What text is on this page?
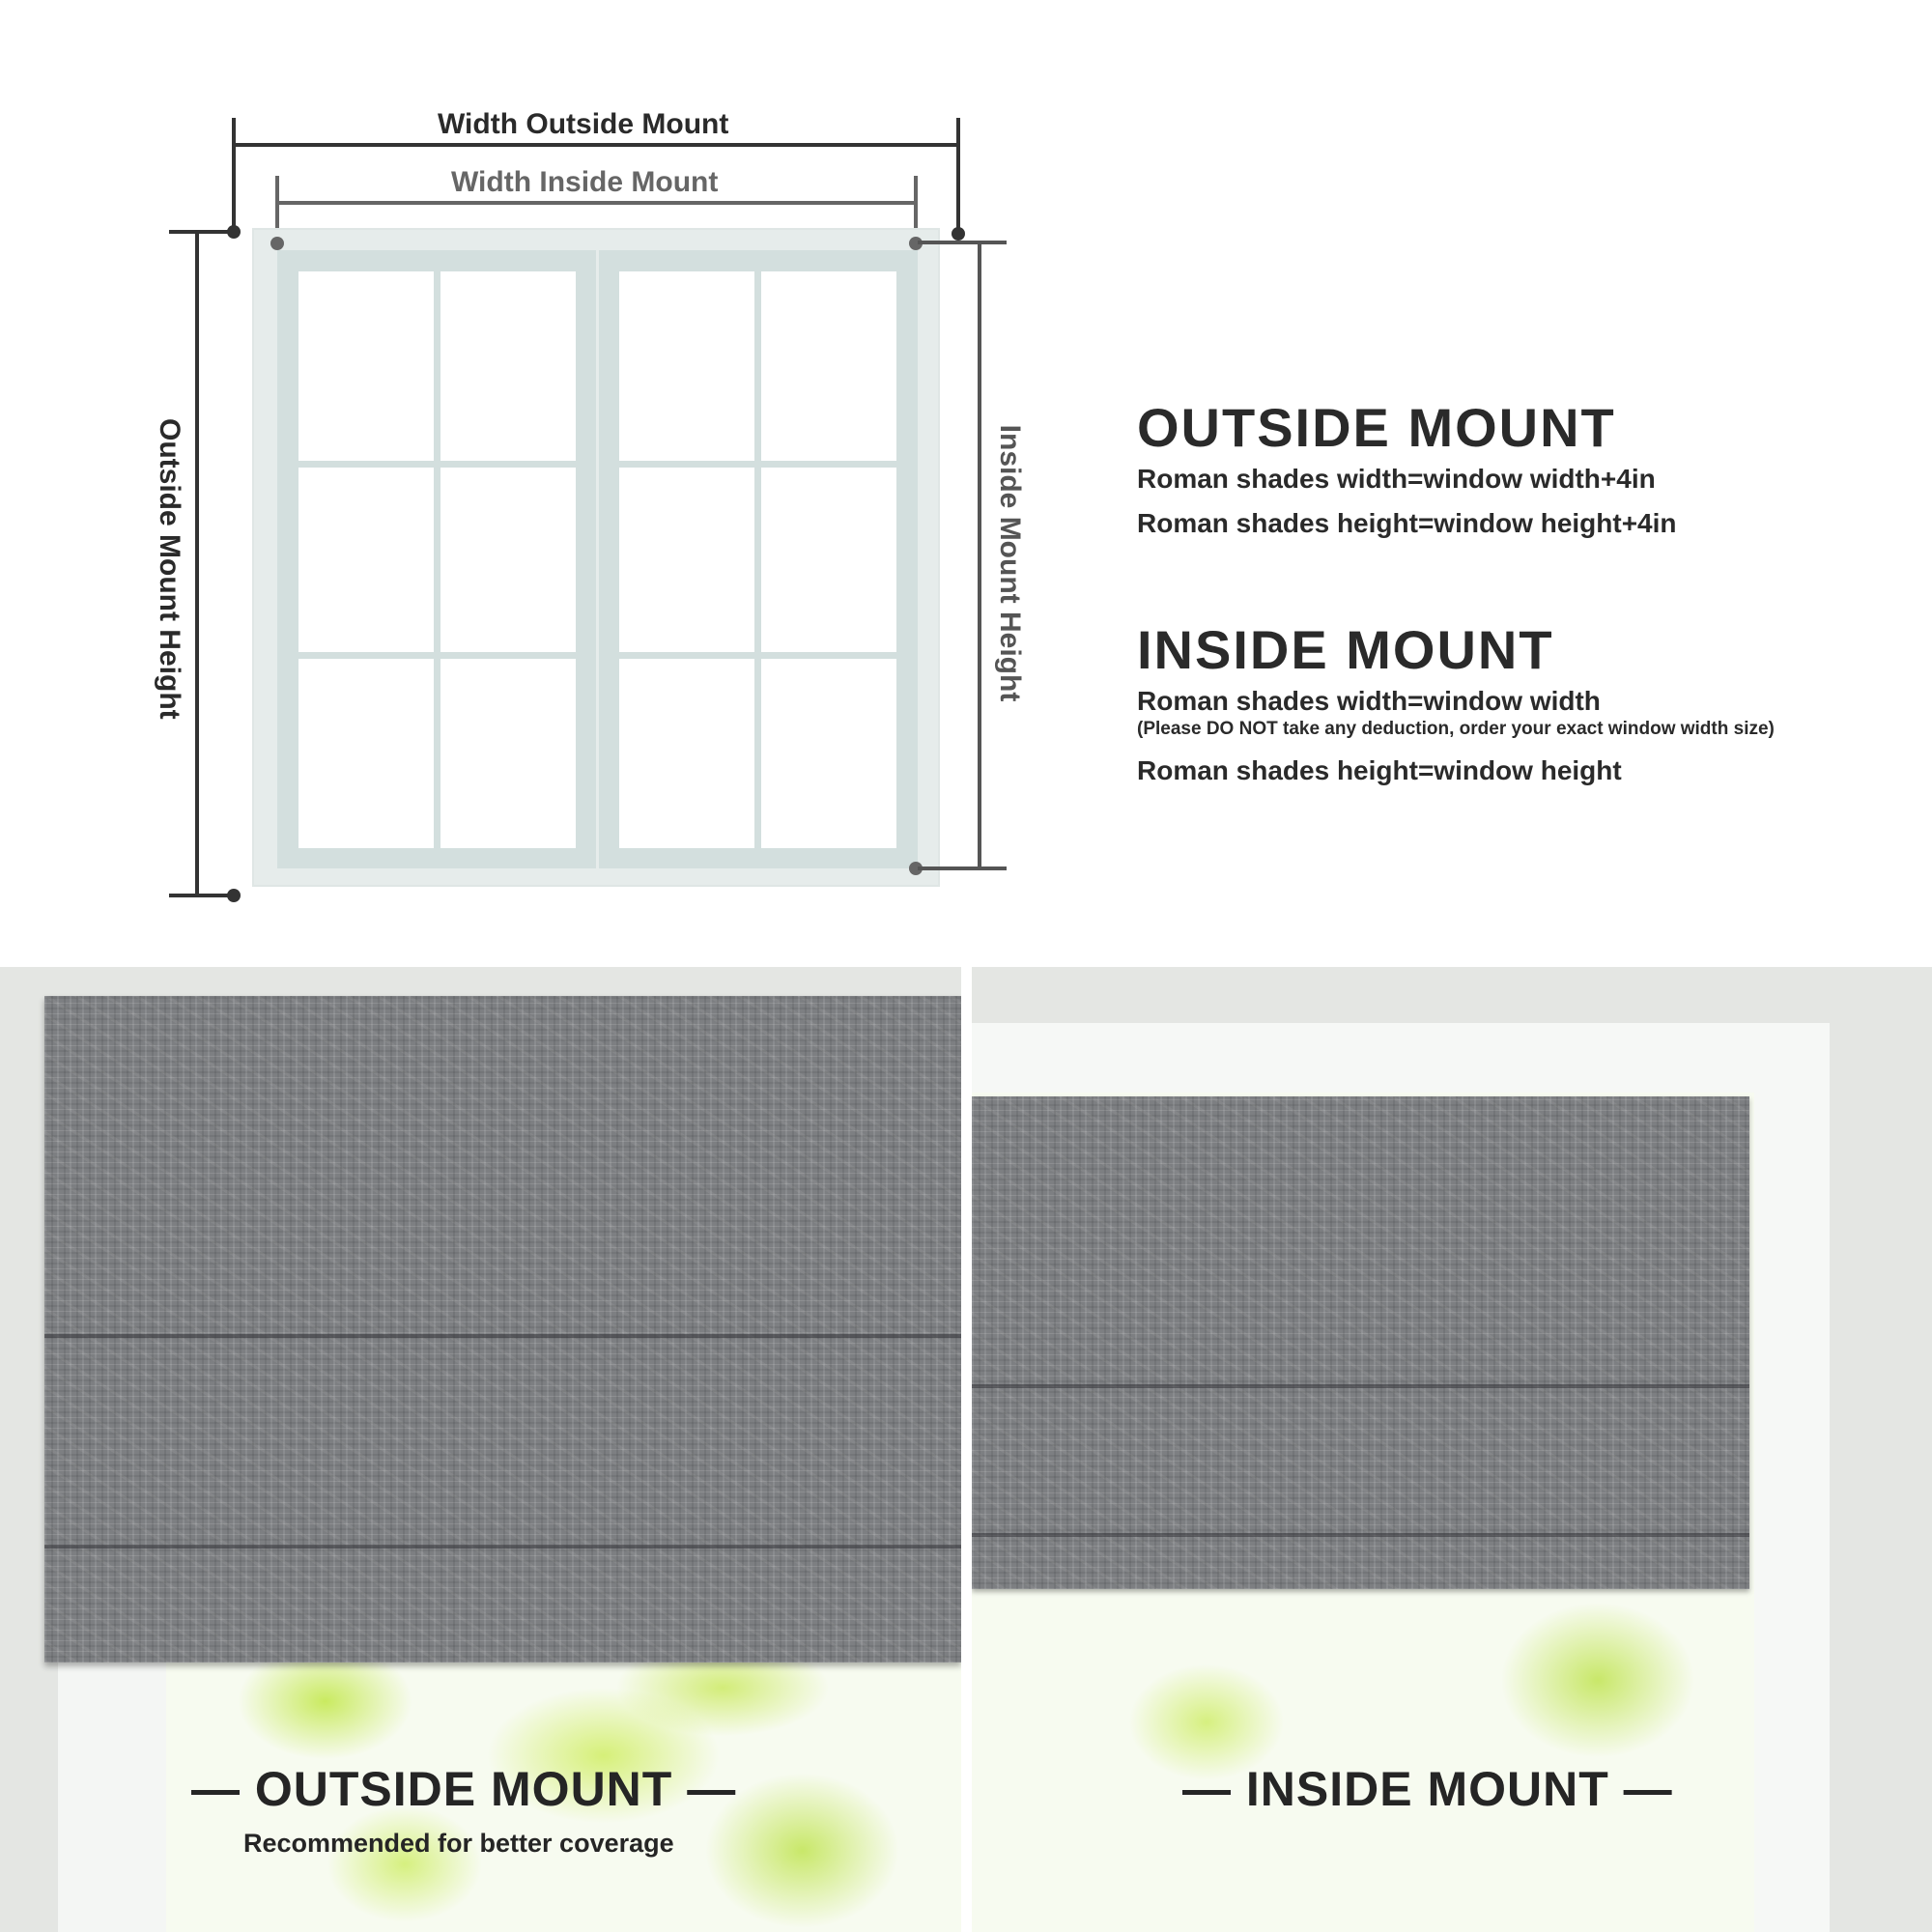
Width Outside Mount
Width Inside Mount
Outside Mount Height	Inside Mount Height OUTSIDE MOUNT
Roman shades width=window width+4in
Roman shades height=window height+4in
INSIDE MOUNT
Roman shades width=window width
(Please DO NOT take any deduction, order your exact window width size)
Roman shades height=window height
— OUTSIDE MOUNT —
Recommended for better coverage
— INSIDE MOUNT —
